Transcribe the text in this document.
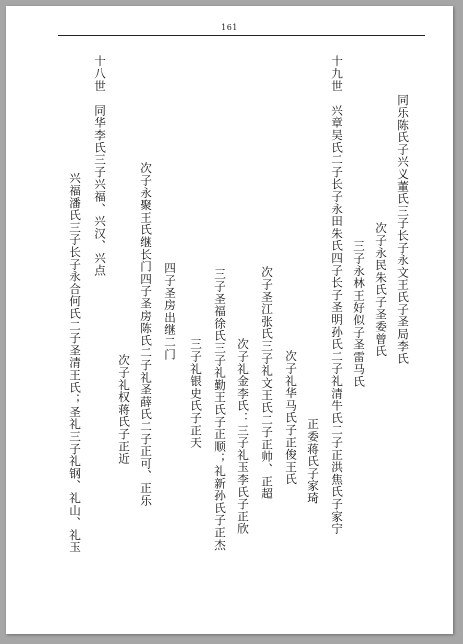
161
同乐陈氏子兴义董氏三子长子永文王氏子圣局李氏
次子永民朱氏子圣委曾氏
三子永林王好似子圣雷马氏
十九世　兴章吴氏二子长子永田朱氏四子长子圣明孙氏二子礼清牛氏二子正洪焦氏子家宁
正委蒋氏子家琦
次子礼华马氏子正俊王氏
次子圣江张氏三子礼文王氏二子正帅、正超
次子礼金李氏：三子礼玉李氏子正欣
三子圣福徐氏三子礼勤王氏子正顺；礼新孙氏子正杰
三子礼银史氏子正天
四子圣房出继二门
次子永聚王氏继长门四子圣房陈氏二子礼圣薛氏二子正可、正乐
次子礼权蒋氏子正近
十八世　同华李氏三子兴福、兴汉、兴点
兴福潘氏三子长子永合何氏二子圣清王氏；圣礼三子礼钢、礼山、礼玉
